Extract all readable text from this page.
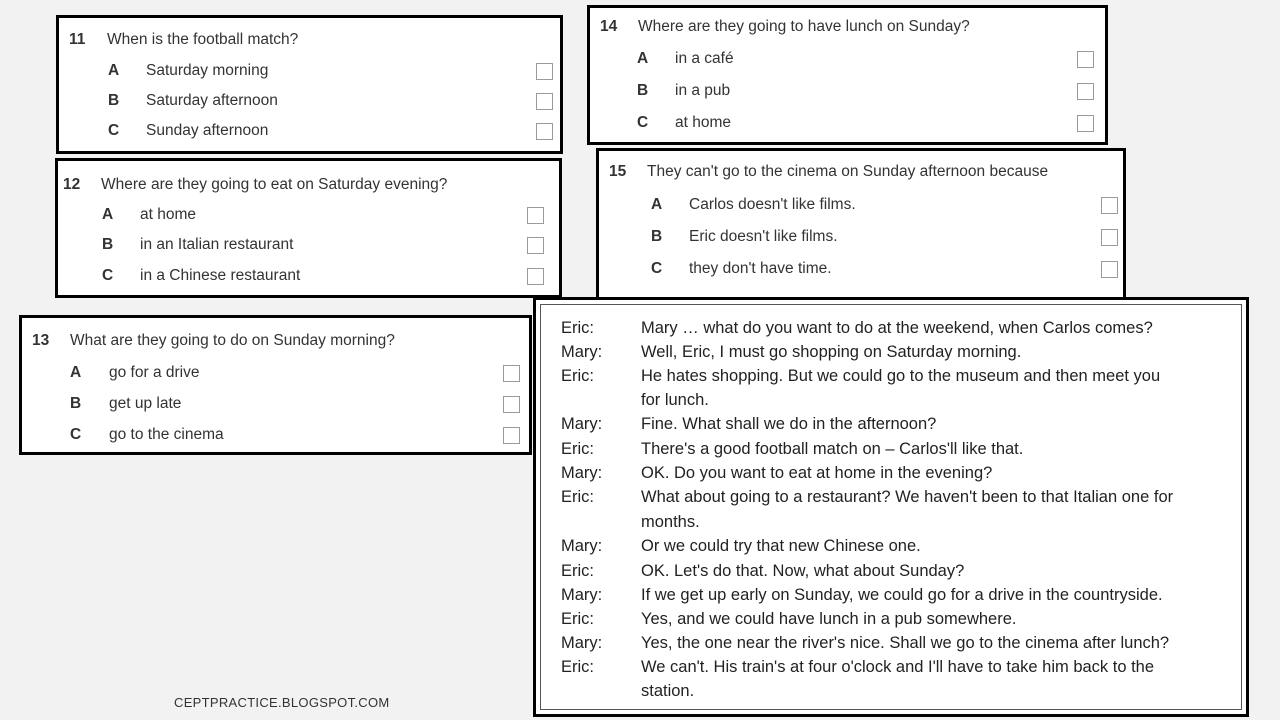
11 When is the football match?
A Saturday morning
B Saturday afternoon
C Sunday afternoon
12 Where are they going to eat on Saturday evening?
A at home
B in an Italian restaurant
C in a Chinese restaurant
13 What are they going to do on Sunday morning?
A go for a drive
B get up late
C go to the cinema
14 Where are they going to have lunch on Sunday?
A in a café
B in a pub
C at home
15 They can't go to the cinema on Sunday afternoon because
A Carlos doesn't like films.
B Eric doesn't like films.
C they don't have time.
Eric:	Mary … what do you want to do at the weekend, when Carlos comes?
Mary: Well, Eric, I must go shopping on Saturday morning.
Eric:	He hates shopping. But we could go to the museum and then meet you
for lunch.
Mary: Fine. What shall we do in the afternoon?
Eric:	There's a good football match on – Carlos'll like that.
Mary: OK. Do you want to eat at home in the evening?
Eric:	What about going to a restaurant? We haven't been to that Italian one for
months.
Mary: Or we could try that new Chinese one.
Eric:	OK. Let's do that. Now, what about Sunday?
Mary: If we get up early on Sunday, we could go for a drive in the countryside.
Eric:	Yes, and we could have lunch in a pub somewhere.
Mary: Yes, the one near the river's nice. Shall we go to the cinema after lunch?
Eric:	We can't. His train's at four o'clock and I'll have to take him back to the
station.
CEPTPRACTICE.BLOGSPOT.COM
